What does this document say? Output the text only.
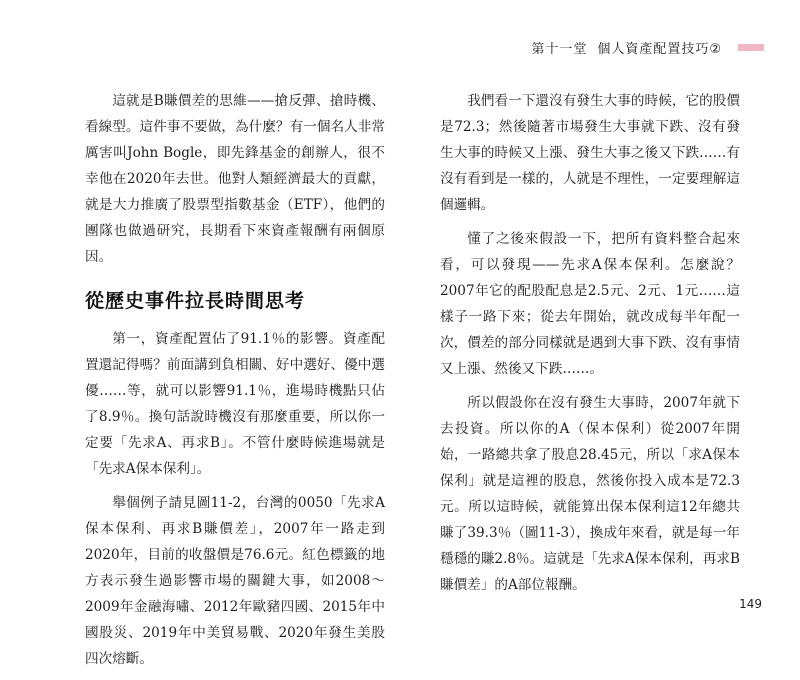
第十一堂 個人資產配置技巧②

這就是B賺價差的思維——搶反彈、搶時機、看線型。這件事不要做，為什麼？有一個名人非常厲害叫John Bogle，即先鋒基金的創辦人，很不幸他在2020年去世。他對人類經濟最大的貢獻，就是大力推廣了股票型指數基金（ETF），他們的團隊也做過研究，長期看下來資產報酬有兩個原因。

從歷史事件拉長時間思考

第一，資產配置佔了91.1％的影響。資產配置還記得嗎？前面講到負相關、好中選好、優中選優……等，就可以影響91.1％，進場時機點只佔了8.9％。換句話說時機沒有那麼重要，所以你一定要「先求A、再求B」。不管什麼時候進場就是「先求A保本保利」。

舉個例子請見圖11-2，台灣的0050「先求A保本保利、再求B賺價差」，2007年一路走到2020年，目前的收盤價是76.6元。紅色標籤的地方表示發生過影響市場的關鍵大事，如2008～2009年金融海嘯、2012年歐豬四國、2015年中國股災、2019年中美貿易戰、2020年發生美股四次熔斷。

我們看一下還沒有發生大事的時候，它的股價是72.3；然後隨著市場發生大事就下跌、沒有發生大事的時候又上漲、發生大事之後又下跌……有沒有看到是一樣的，人就是不理性，一定要理解這個邏輯。

懂了之後來假設一下，把所有資料整合起來看，可以發現——先求A保本保利。怎麼說？2007年它的配股配息是2.5元、2元、1元……這樣子一路下來；從去年開始，就改成每半年配一次，價差的部分同樣就是遇到大事下跌、沒有事情又上漲、然後又下跌……。

所以假設你在沒有發生大事時，2007年就下去投資。所以你的A（保本保利）從2007年開始，一路總共拿了股息28.45元，所以「求A保本保利」就是這裡的股息，然後你投入成本是72.3元。所以這時候，就能算出保本保利這12年總共賺了39.3％（圖11-3），換成年來看，就是每一年穩穩的賺2.8％。這就是「先求A保本保利，再求B賺價差」的A部位報酬。

149
